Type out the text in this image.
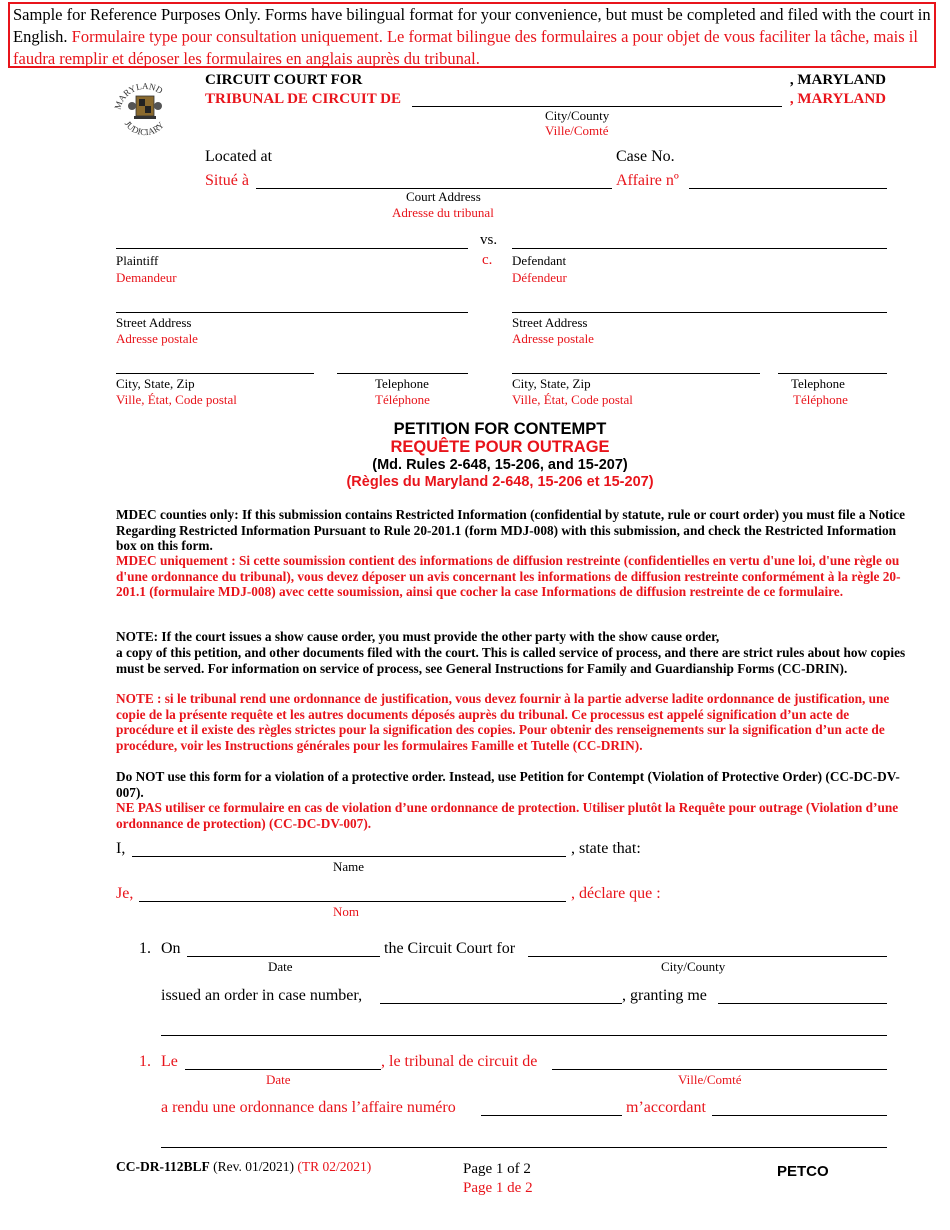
Sample for Reference Purposes Only. Forms have bilingual format for your convenience, but must be completed and filed with the court in English. Formulaire type pour consultation uniquement. Le format bilingue des formulaires a pour objet de vous faciliter la tâche, mais il faudra remplir et déposer les formulaires en anglais auprès du tribunal.
MARYLAND
JUDICIARY
CIRCUIT COURT FOR	, MARYLAND
TRIBUNAL DE CIRCUIT DE	, MARYLAND
City/County
Ville/Comté
Located at
Situé à
Case No.
Affaire nº
Court Address
Adresse du tribunal
vs.
c.
Plaintiff
Demandeur
Defendant
Défendeur
Street Address
Adresse postale
Street Address
Adresse postale
City, State, Zip
Ville, État, Code postal
Telephone
Téléphone
City, State, Zip
Ville, État, Code postal
Telephone
Téléphone
PETITION FOR CONTEMPT
REQUÊTE POUR OUTRAGE
(Md. Rules 2-648, 15-206, and 15-207)
(Règles du Maryland 2-648, 15-206 et 15-207)
MDEC counties only: If this submission contains Restricted Information (confidential by statute, rule or court order) you must file a Notice Regarding Restricted Information Pursuant to Rule 20-201.1 (form MDJ-008) with this submission, and check the Restricted Information box on this form.
MDEC uniquement : Si cette soumission contient des informations de diffusion restreinte (confidentielles en vertu d'une loi, d'une règle ou d'une ordonnance du tribunal), vous devez déposer un avis concernant les informations de diffusion restreinte conformément à la règle 20-201.1 (formulaire MDJ-008) avec cette soumission, ainsi que cocher la case Informations de diffusion restreinte de ce formulaire.
NOTE: If the court issues a show cause order, you must provide the other party with the show cause order,
a copy of this petition, and other documents filed with the court. This is called service of process, and there are strict rules about how copies must be served. For information on service of process, see General Instructions for Family and Guardianship Forms (CC-DRIN).
NOTE : si le tribunal rend une ordonnance de justification, vous devez fournir à la partie adverse ladite ordonnance de justification, une copie de la présente requête et les autres documents déposés auprès du tribunal. Ce processus est appelé signification d’un acte de procédure et il existe des règles strictes pour la signification des copies. Pour obtenir des renseignements sur la signification d’un acte de procédure, voir les Instructions générales pour les formulaires Famille et Tutelle (CC-DRIN).
Do NOT use this form for a violation of a protective order. Instead, use Petition for Contempt (Violation of Protective Order) (CC-DC-DV-007).
NE PAS utiliser ce formulaire en cas de violation d’une ordonnance de protection. Utiliser plutôt la Requête pour outrage (Violation d’une ordonnance de protection) (CC-DC-DV-007).
I,	, state that:
Name
Je,	, déclare que :
Nom
1. On	the Circuit Court for
Date	City/County
issued an order in case number,	, granting me
1. Le	, le tribunal de circuit de
Date	Ville/Comté
a rendu une ordonnance dans l’affaire numéro	m’accordant
CC-DR-112BLF (Rev. 01/2021) (TR 02/2021)	Page 1 of 2
Page 1 de 2
PETCO
